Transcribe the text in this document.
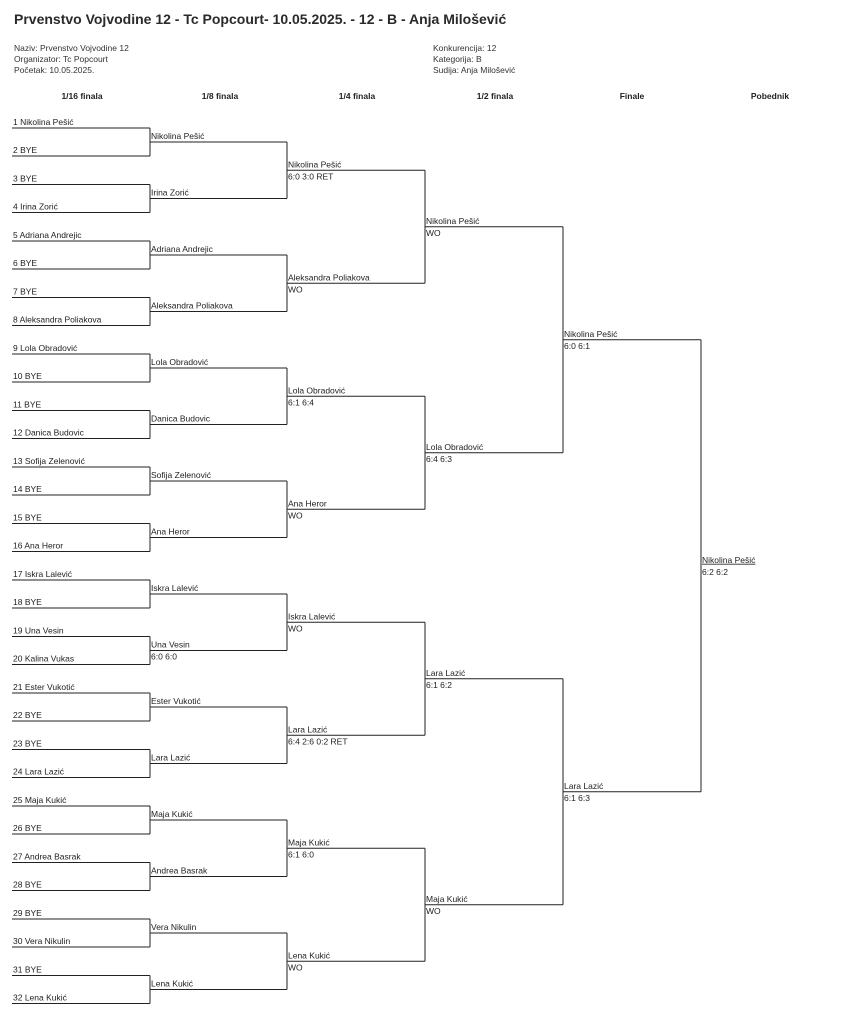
Prvenstvo Vojvodine 12 - Tc Popcourt- 10.05.2025. - 12 - B - Anja Milošević
Naziv: Prvenstvo Vojvodine 12
Organizator: Tc Popcourt
Početak: 10.05.2025.
Konkurencija: 12
Kategorija: B
Sudija: Anja Milošević
1/16 finala	1/8 finala	1/4 finala	1/2 finala	Finale	Pobednik
1 Nikolina Pešić
2 BYE
3 BYE
4 Irina Zorić
5 Adriana Andrejic
6 BYE
7 BYE
8 Aleksandra Poliakova
9 Lola Obradović
10 BYE
11 BYE
12 Danica Budovic
13 Sofija Zelenović
14 BYE
15 BYE
16 Ana Heror
17 Iskra Lalević
18 BYE
19 Una Vesin
20 Kalina Vukas
21 Ester Vukotić
22 BYE
23 BYE
24 Lara Lazić
25 Maja Kukić
26 BYE
27 Andrea Basrak
28 BYE
29 BYE
30 Vera Nikulin
31 BYE
32 Lena Kukić
Nikolina Pešić
Irina Zorić
Adriana Andrejic
Aleksandra Poliakova
Lola Obradović
Danica Budovic
Sofija Zelenović
Ana Heror
Iskra Lalević
Una Vesin
6:0 6:0
Ester Vukotić
Lara Lazić
Maja Kukić
Andrea Basrak
Vera Nikulin
Lena Kukić
Nikolina Pešić
6:0 3:0 RET
Aleksandra Poliakova
WO
Lola Obradović
6:1 6:4
Ana Heror
WO
Iskra Lalević
WO
Lara Lazić
6:4 2:6 0:2 RET
Maja Kukić
6:1 6:0
Lena Kukić
WO
Nikolina Pešić
WO
Lola Obradović
6:4 6:3
Lara Lazić
6:1 6:2
Maja Kukić
WO
Nikolina Pešić
6:0 6:1
Lara Lazić
6:1 6:3
Nikolina Pešić
6:2 6:2
